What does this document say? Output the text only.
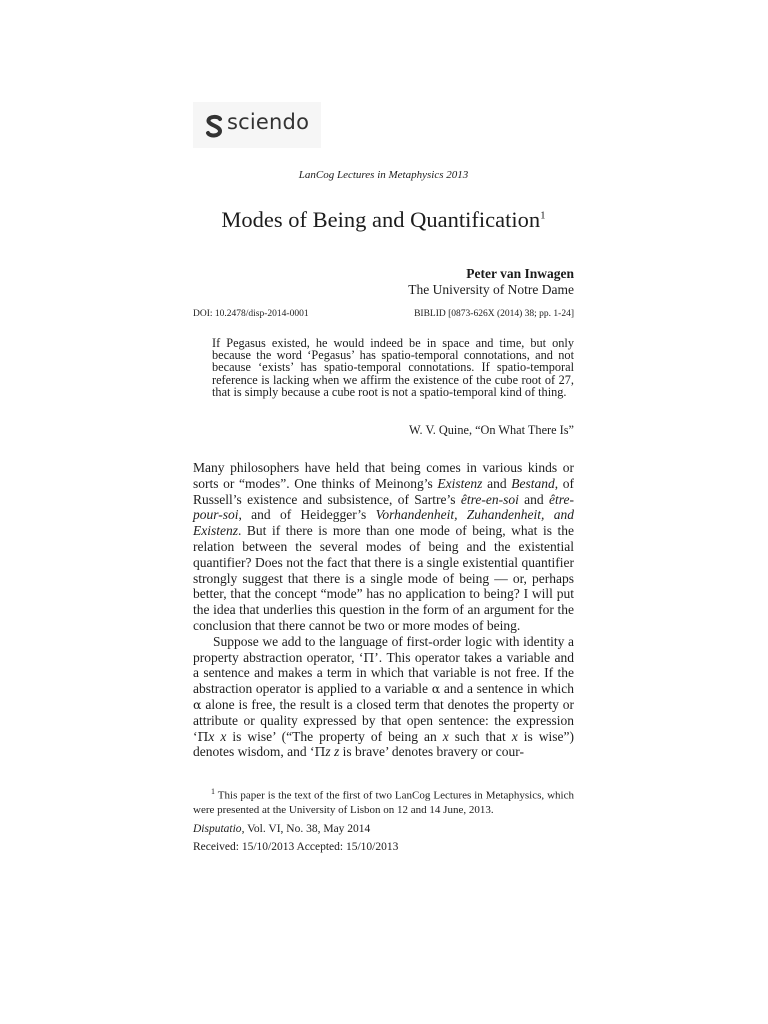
sciendo
LanCog Lectures in Metaphysics 2013
Modes of Being and Quantification$^1$
Peter van Inwagen
The University of Notre Dame
DOI: 10.2478/disp-2014-0001	BIBLID [0873-626X (2014) 38; pp. 1-24]
If Pegasus existed, he would indeed be in space and time, but only because the word ‘Pegasus’ has spatio-temporal connotations, and not because ‘exists’ has spatio-temporal connotations. If spatio-temporal reference is lacking when we affirm the existence of the cube root of 27, that is simply because a cube root is not a spatio-temporal kind of thing.
W. V. Quine, “On What There Is”

Many philosophers have held that being comes in various kinds or sorts or “modes”. One thinks of Meinong’s Existenz and Bestand, of Russell’s existence and subsistence, of Sartre’s être-en-soi and être-pour-soi, and of Heidegger’s Vorhandenheit, Zuhandenheit, and Existenz. But if there is more than one mode of being, what is the relation between the several modes of being and the existential quantifier? Does not the fact that there is a single existential quantifier strongly suggest that there is a single mode of being — or, perhaps better, that the concept “mode” has no application to being? I will put the idea that underlies this question in the form of an argument for the conclusion that there cannot be two or more modes of being.

Suppose we add to the language of first-order logic with identity a property abstraction operator, ‘Π’. This operator takes a variable and a sentence and makes a term in which that variable is not free. If the abstraction operator is applied to a variable α and a sentence in which α alone is free, the result is a closed term that denotes the property or attribute or quality expressed by that open sentence: the expression ‘Πx x is wise’ (“The property of being an x such that x is wise”) denotes wisdom, and ‘Πz z is brave’ denotes bravery or cour-

$^1$ This paper is the text of the first of two LanCog Lectures in Metaphysics, which were presented at the University of Lisbon on 12 and 14 June, 2013.
Disputatio, Vol. VI, No. 38, May 2014
Received: 15/10/2013 Accepted: 15/10/2013
